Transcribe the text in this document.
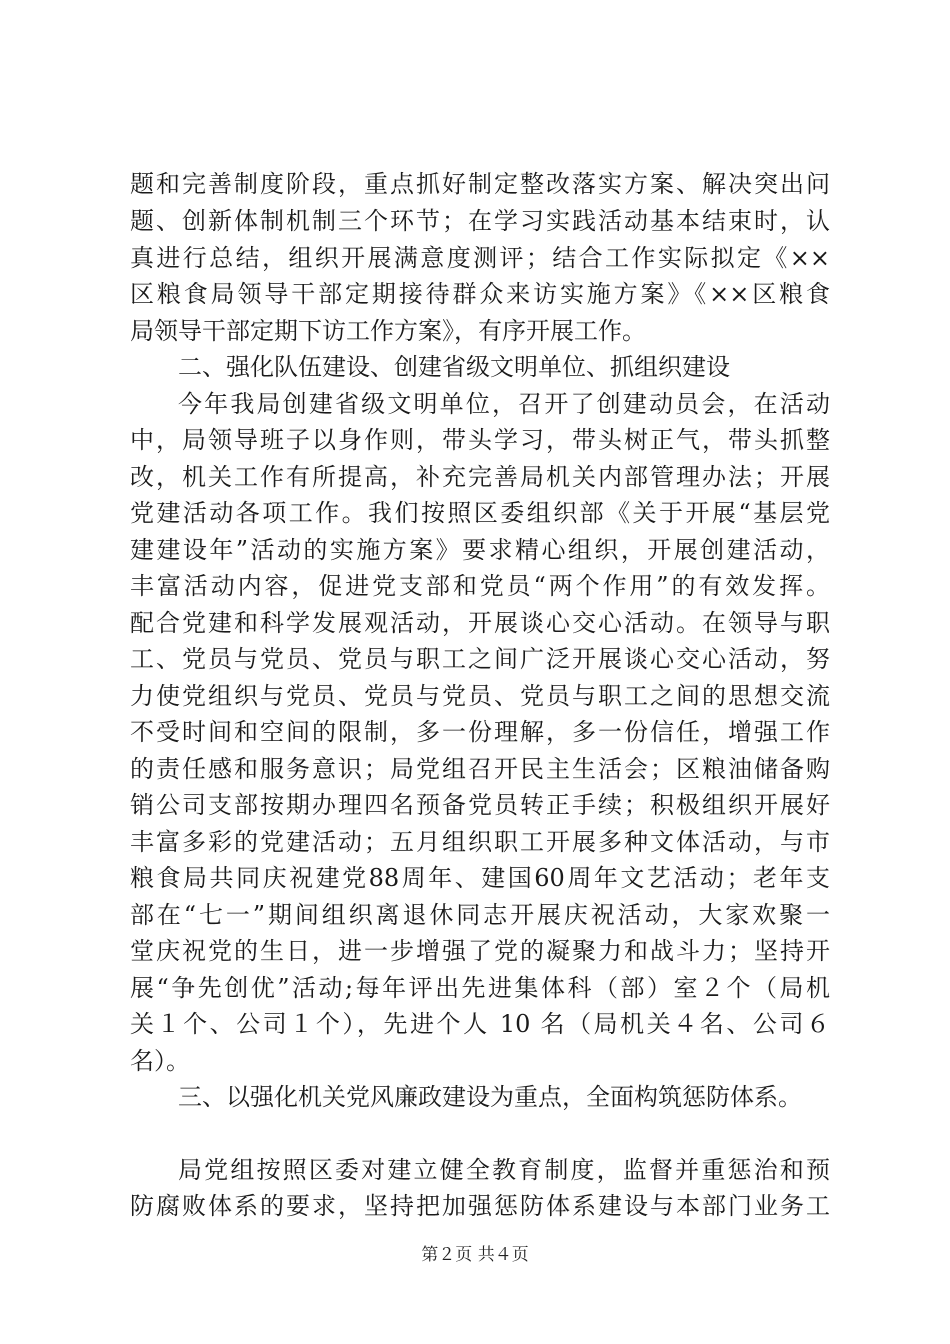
题和完善制度阶段，重点抓好制定整改落实方案、解决突出问
题、创新体制机制三个环节；在学习实践活动基本结束时，认
真进行总结，组织开展满意度测评；结合工作实际拟定《××
区粮食局领导干部定期接待群众来访实施方案》《××区粮食
局领导干部定期下访工作方案》，有序开展工作。
二、强化队伍建设、创建省级文明单位、抓组织建设
今年我局创建省级文明单位，召开了创建动员会，在活动
中，局领导班子以身作则，带头学习，带头树正气，带头抓整
改，机关工作有所提高，补充完善局机关内部管理办法；开展
党建活动各项工作。我们按照区委组织部《关于开展“基层党
建建设年”活动的实施方案》要求精心组织，开展创建活动，
丰富活动内容，促进党支部和党员“两个作用”的有效发挥。
配合党建和科学发展观活动，开展谈心交心活动。在领导与职
工、党员与党员、党员与职工之间广泛开展谈心交心活动，努
力使党组织与党员、党员与党员、党员与职工之间的思想交流
不受时间和空间的限制，多一份理解，多一份信任，增强工作
的责任感和服务意识；局党组召开民主生活会；区粮油储备购
销公司支部按期办理四名预备党员转正手续；积极组织开展好
丰富多彩的党建活动；五月组织职工开展多种文体活动，与市
粮食局共同庆祝建党88周年、建国60周年文艺活动；老年支
部在“七一”期间组织离退休同志开展庆祝活动，大家欢聚一
堂庆祝党的生日，进一步增强了党的凝聚力和战斗力；坚持开
展“争先创优”活动;每年评出先进集体科（部）室２个（局机
关１个、公司１个），先进个人 10 名（局机关４名、公司６
名）。
三、以强化机关党风廉政建设为重点，全面构筑惩防体系。
局党组按照区委对建立健全教育制度，监督并重惩治和预
防腐败体系的要求，坚持把加强惩防体系建设与本部门业务工
第２页 共４页
